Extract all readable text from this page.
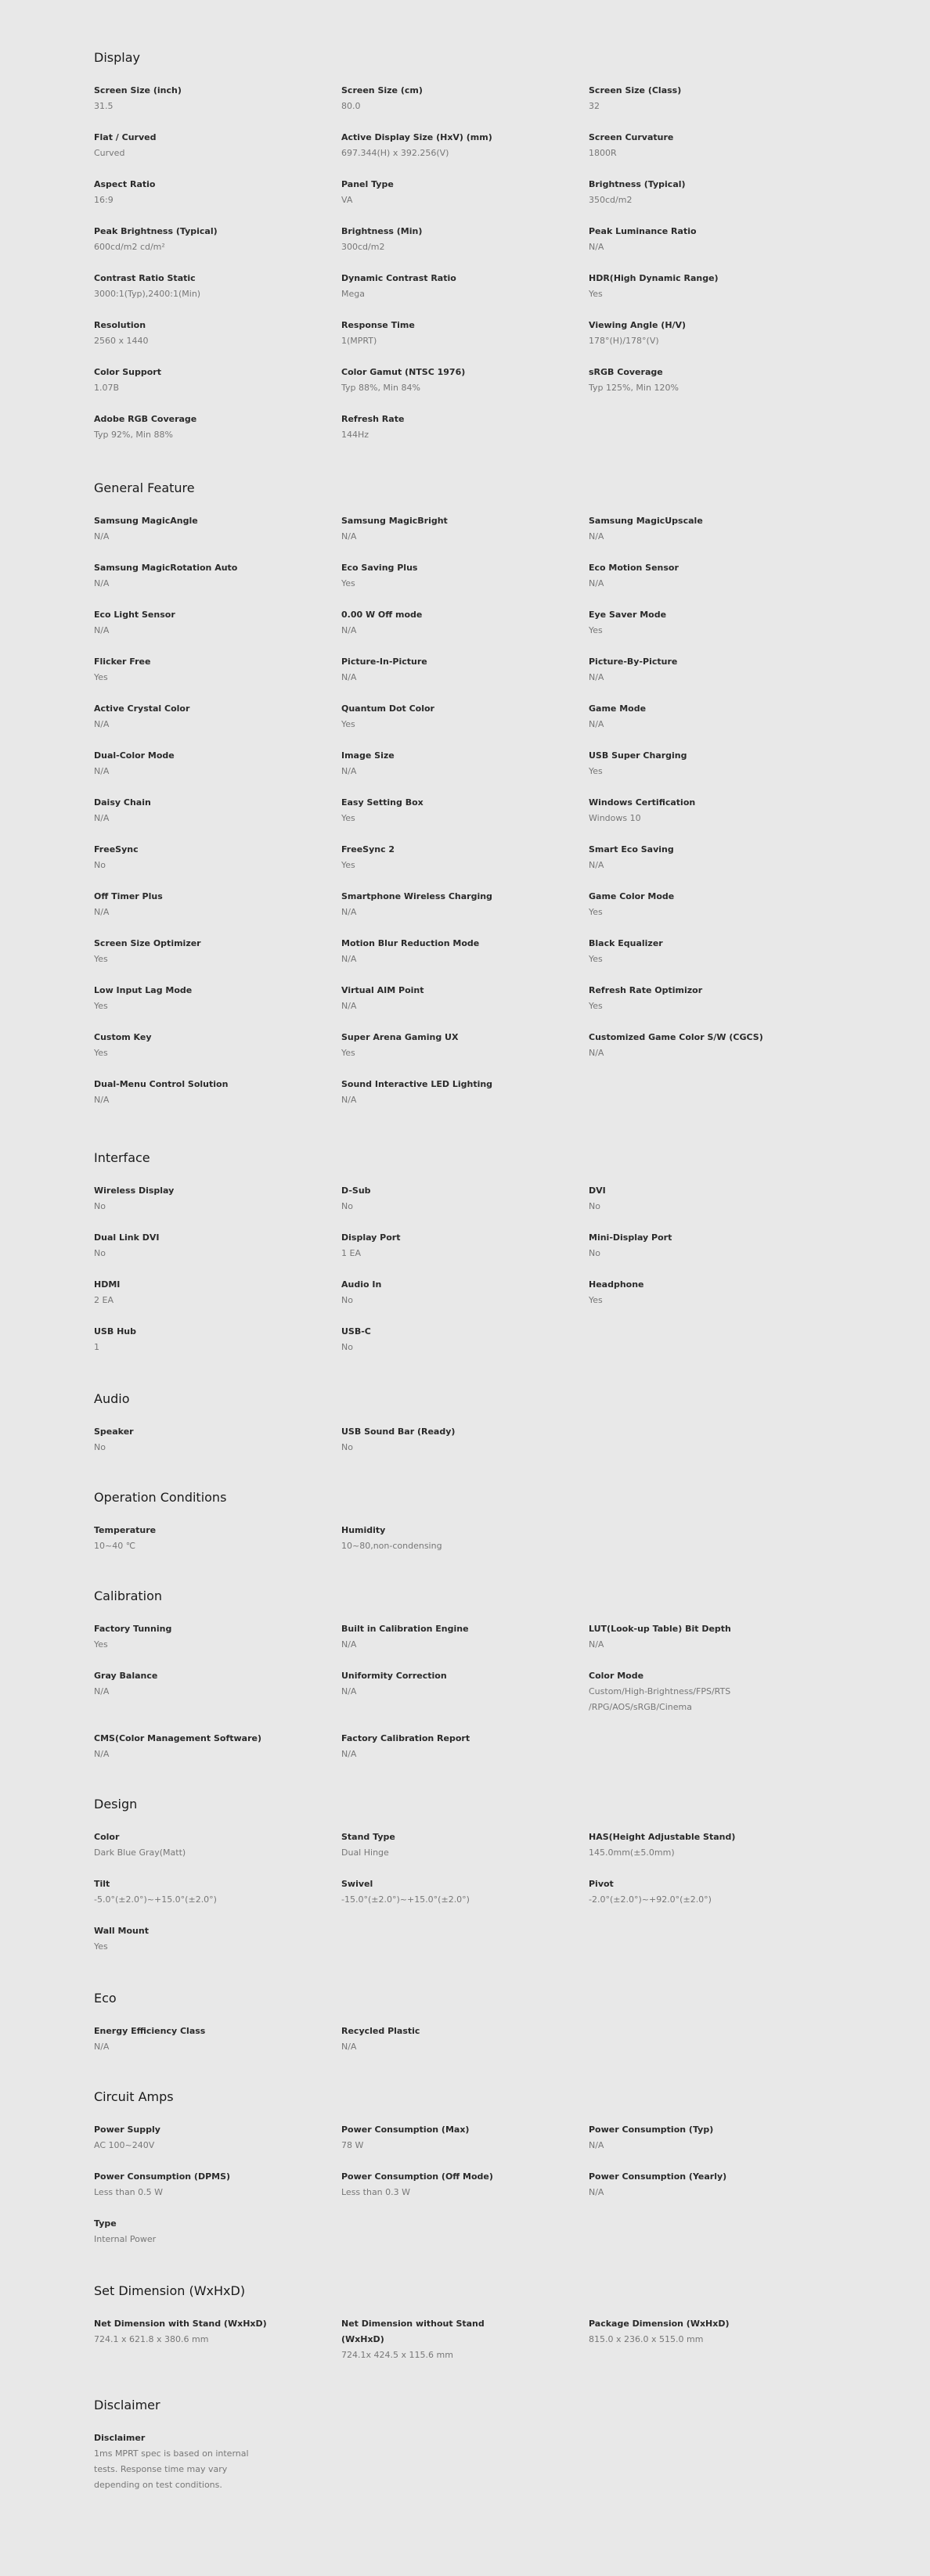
Display
Screen Size (inch)
31.5
Screen Size (cm)
80.0
Screen Size (Class)
32
Flat / Curved
Curved
Active Display Size (HxV) (mm)
697.344(H) x 392.256(V)
Screen Curvature
1800R
Aspect Ratio
16:9
Panel Type
VA
Brightness (Typical)
350cd/m2
Peak Brightness (Typical)
600cd/m2 cd/m²
Brightness (Min)
300cd/m2
Peak Luminance Ratio
N/A
Contrast Ratio Static
3000:1(Typ),2400:1(Min)
Dynamic Contrast Ratio
Mega
HDR(High Dynamic Range)
Yes
Resolution
2560 x 1440
Response Time
1(MPRT)
Viewing Angle (H/V)
178°(H)/178°(V)
Color Support
1.07B
Color Gamut (NTSC 1976)
Typ 88%, Min 84%
sRGB Coverage
Typ 125%, Min 120%
Adobe RGB Coverage
Typ 92%, Min 88%
Refresh Rate
144Hz
General Feature
Samsung MagicAngle
N/A
Samsung MagicBright
N/A
Samsung MagicUpscale
N/A
Samsung MagicRotation Auto
N/A
Eco Saving Plus
Yes
Eco Motion Sensor
N/A
Eco Light Sensor
N/A
0.00 W Off mode
N/A
Eye Saver Mode
Yes
Flicker Free
Yes
Picture-In-Picture
N/A
Picture-By-Picture
N/A
Active Crystal Color
N/A
Quantum Dot Color
Yes
Game Mode
N/A
Dual-Color Mode
N/A
Image Size
N/A
USB Super Charging
Yes
Daisy Chain
N/A
Easy Setting Box
Yes
Windows Certification
Windows 10
FreeSync
No
FreeSync 2
Yes
Smart Eco Saving
N/A
Off Timer Plus
N/A
Smartphone Wireless Charging
N/A
Game Color Mode
Yes
Screen Size Optimizer
Yes
Motion Blur Reduction Mode
N/A
Black Equalizer
Yes
Low Input Lag Mode
Yes
Virtual AIM Point
N/A
Refresh Rate Optimizor
Yes
Custom Key
Yes
Super Arena Gaming UX
Yes
Customized Game Color S/W (CGCS)
N/A
Dual-Menu Control Solution
N/A
Sound Interactive LED Lighting
N/A
Interface
Wireless Display
No
D-Sub
No
DVI
No
Dual Link DVI
No
Display Port
1 EA
Mini-Display Port
No
HDMI
2 EA
Audio In
No
Headphone
Yes
USB Hub
1
USB-C
No
Audio
Speaker
No
USB Sound Bar (Ready)
No
Operation Conditions
Temperature
10~40 ℃
Humidity
10~80,non-condensing
Calibration
Factory Tunning
Yes
Built in Calibration Engine
N/A
LUT(Look-up Table) Bit Depth
N/A
Gray Balance
N/A
Uniformity Correction
N/A
Color Mode
Custom/High-Brightness/FPS/RTS /RPG/AOS/sRGB/Cinema
CMS(Color Management Software)
N/A
Factory Calibration Report
N/A
Design
Color
Dark Blue Gray(Matt)
Stand Type
Dual Hinge
HAS(Height Adjustable Stand)
145.0mm(±5.0mm)
Tilt
-5.0°(±2.0°)~+15.0°(±2.0°)
Swivel
-15.0°(±2.0°)~+15.0°(±2.0°)
Pivot
-2.0°(±2.0°)~+92.0°(±2.0°)
Wall Mount
Yes
Eco
Energy Efficiency Class
N/A
Recycled Plastic
N/A
Circuit Amps
Power Supply
AC 100~240V
Power Consumption (Max)
78 W
Power Consumption (Typ)
N/A
Power Consumption (DPMS)
Less than 0.5 W
Power Consumption (Off Mode)
Less than 0.3 W
Power Consumption (Yearly)
N/A
Type
Internal Power
Set Dimension (WxHxD)
Net Dimension with Stand (WxHxD)
724.1 x 621.8 x 380.6 mm
Net Dimension without Stand (WxHxD)
724.1x 424.5 x 115.6 mm
Package Dimension (WxHxD)
815.0 x 236.0 x 515.0 mm
Disclaimer
Disclaimer
1ms MPRT spec is based on internal tests. Response time may vary depending on test conditions.
